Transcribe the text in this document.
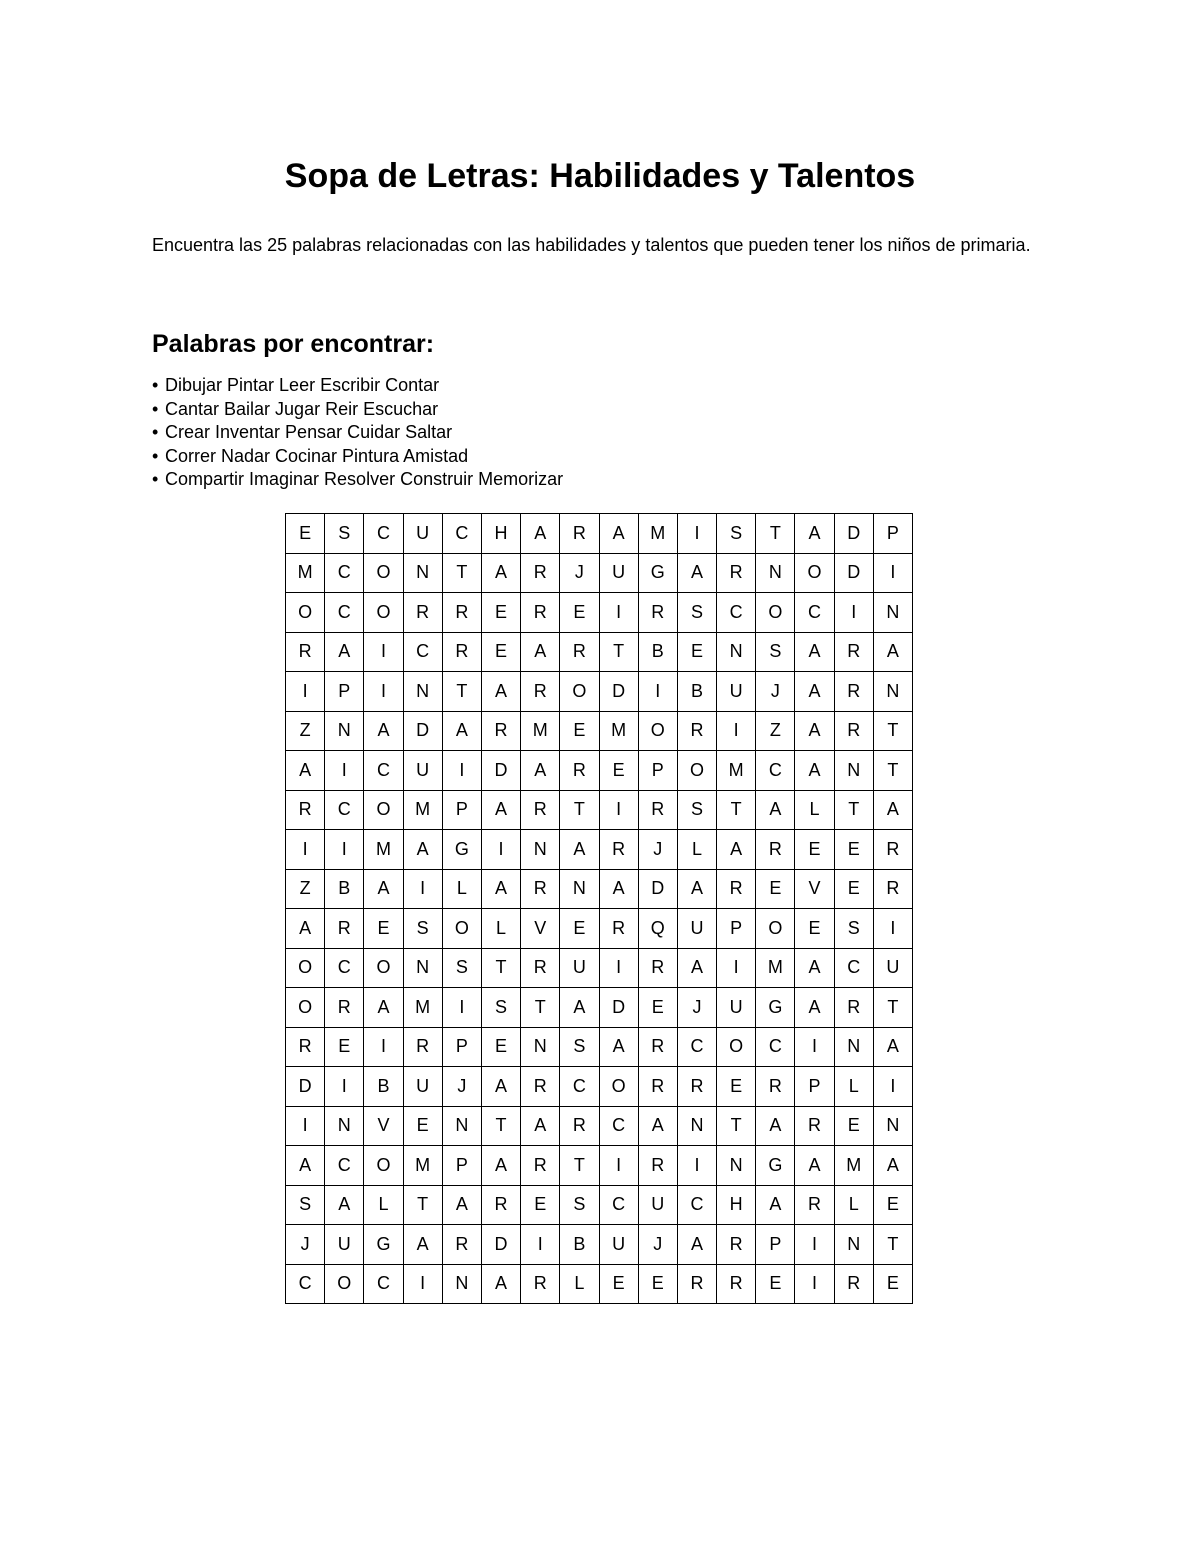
Sopa de Letras: Habilidades y Talentos
Encuentra las 25 palabras relacionadas con las habilidades y talentos que pueden tener los niños de primaria.
Palabras por encontrar:
• Dibujar Pintar Leer Escribir Contar
• Cantar Bailar Jugar Reir Escuchar
• Crear Inventar Pensar Cuidar Saltar
• Correr Nadar Cocinar Pintura Amistad
• Compartir Imaginar Resolver Construir Memorizar
E	S	C	U	C	H	A	R	A	M	I	S	T	A	D	P
M	C	O	N	T	A	R	J	U	G	A	R	N	O	D	I
O	C	O	R	R	E	R	E	I	R	S	C	O	C	I	N
R	A	I	C	R	E	A	R	T	B	E	N	S	A	R	A
I	P	I	N	T	A	R	O	D	I	B	U	J	A	R	N
Z	N	A	D	A	R	M	E	M	O	R	I	Z	A	R	T
A	I	C	U	I	D	A	R	E	P	O	M	C	A	N	T
R	C	O	M	P	A	R	T	I	R	S	T	A	L	T	A
I	I	M	A	G	I	N	A	R	J	L	A	R	E	E	R
Z	B	A	I	L	A	R	N	A	D	A	R	E	V	E	R
A	R	E	S	O	L	V	E	R	Q	U	P	O	E	S	I
O	C	O	N	S	T	R	U	I	R	A	I	M	A	C	U
O	R	A	M	I	S	T	A	D	E	J	U	G	A	R	T
R	E	I	R	P	E	N	S	A	R	C	O	C	I	N	A
D	I	B	U	J	A	R	C	O	R	R	E	R	P	L	I
I	N	V	E	N	T	A	R	C	A	N	T	A	R	E	N
A	C	O	M	P	A	R	T	I	R	I	N	G	A	M	A
S	A	L	T	A	R	E	S	C	U	C	H	A	R	L	E
J	U	G	A	R	D	I	B	U	J	A	R	P	I	N	T
C	O	C	I	N	A	R	L	E	E	R	R	E	I	R	E
